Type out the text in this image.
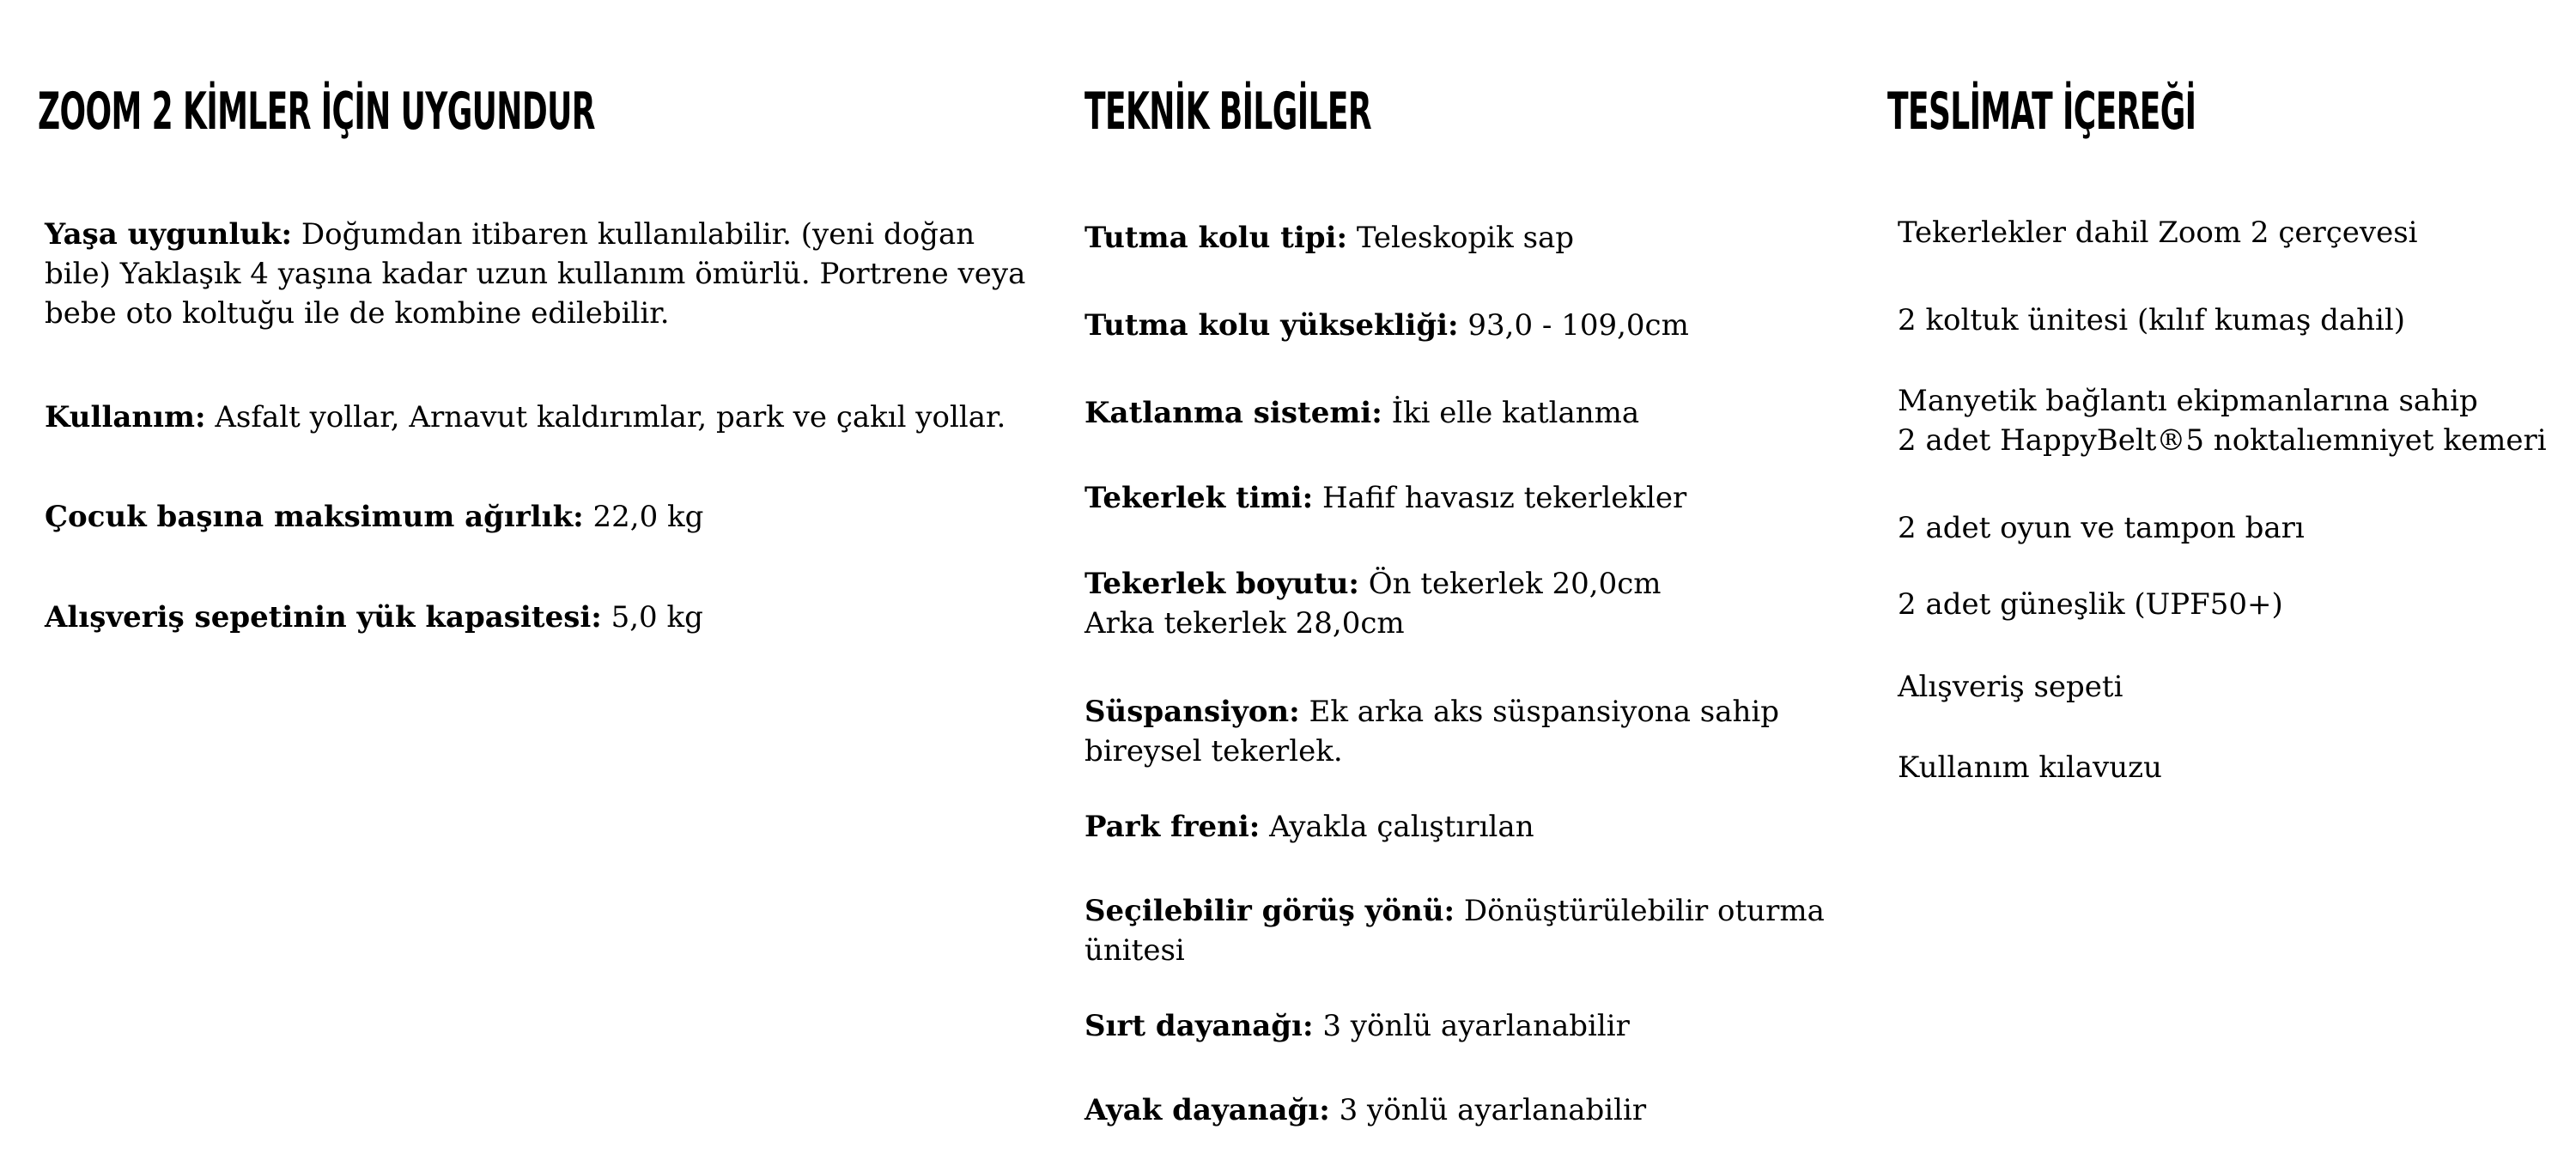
ZOOM 2 KİMLER İÇİN UYGUNDUR

Yaşa uygunluk: Doğumdan itibaren kullanılabilir. (yeni doğan bile) Yaklaşık 4 yaşına kadar uzun kullanım ömürlü. Portrene veya bebe oto koltuğu ile de kombine edilebilir.

Kullanım: Asfalt yollar, Arnavut kaldırımlar, park ve çakıl yollar.

Çocuk başına maksimum ağırlık: 22,0 kg

Alışveriş sepetinin yük kapasitesi: 5,0 kg

TEKNİK BİLGİLER

Tutma kolu tipi: Teleskopik sap

Tutma kolu yüksekliği: 93,0 - 109,0cm

Katlanma sistemi: İki elle katlanma

Tekerlek timi: Hafif havasız tekerlekler

Tekerlek boyutu: Ön tekerlek 20,0cm
Arka tekerlek 28,0cm

Süspansiyon: Ek arka aks süspansiyona sahip bireysel tekerlek.

Park freni: Ayakla çalıştırılan

Seçilebilir görüş yönü: Dönüştürülebilir oturma ünitesi

Sırt dayanağı: 3 yönlü ayarlanabilir

Ayak dayanağı: 3 yönlü ayarlanabilir

TESLİMAT İÇEREĞİ

Tekerlekler dahil Zoom 2 çerçevesi

2 koltuk ünitesi (kılıf kumaş dahil)

Manyetik bağlantı ekipmanlarına sahip
2 adet HappyBelt®5 noktalıemniyet kemeri

2 adet oyun ve tampon barı

2 adet güneşlik (UPF50+)

Alışveriş sepeti

Kullanım kılavuzu
